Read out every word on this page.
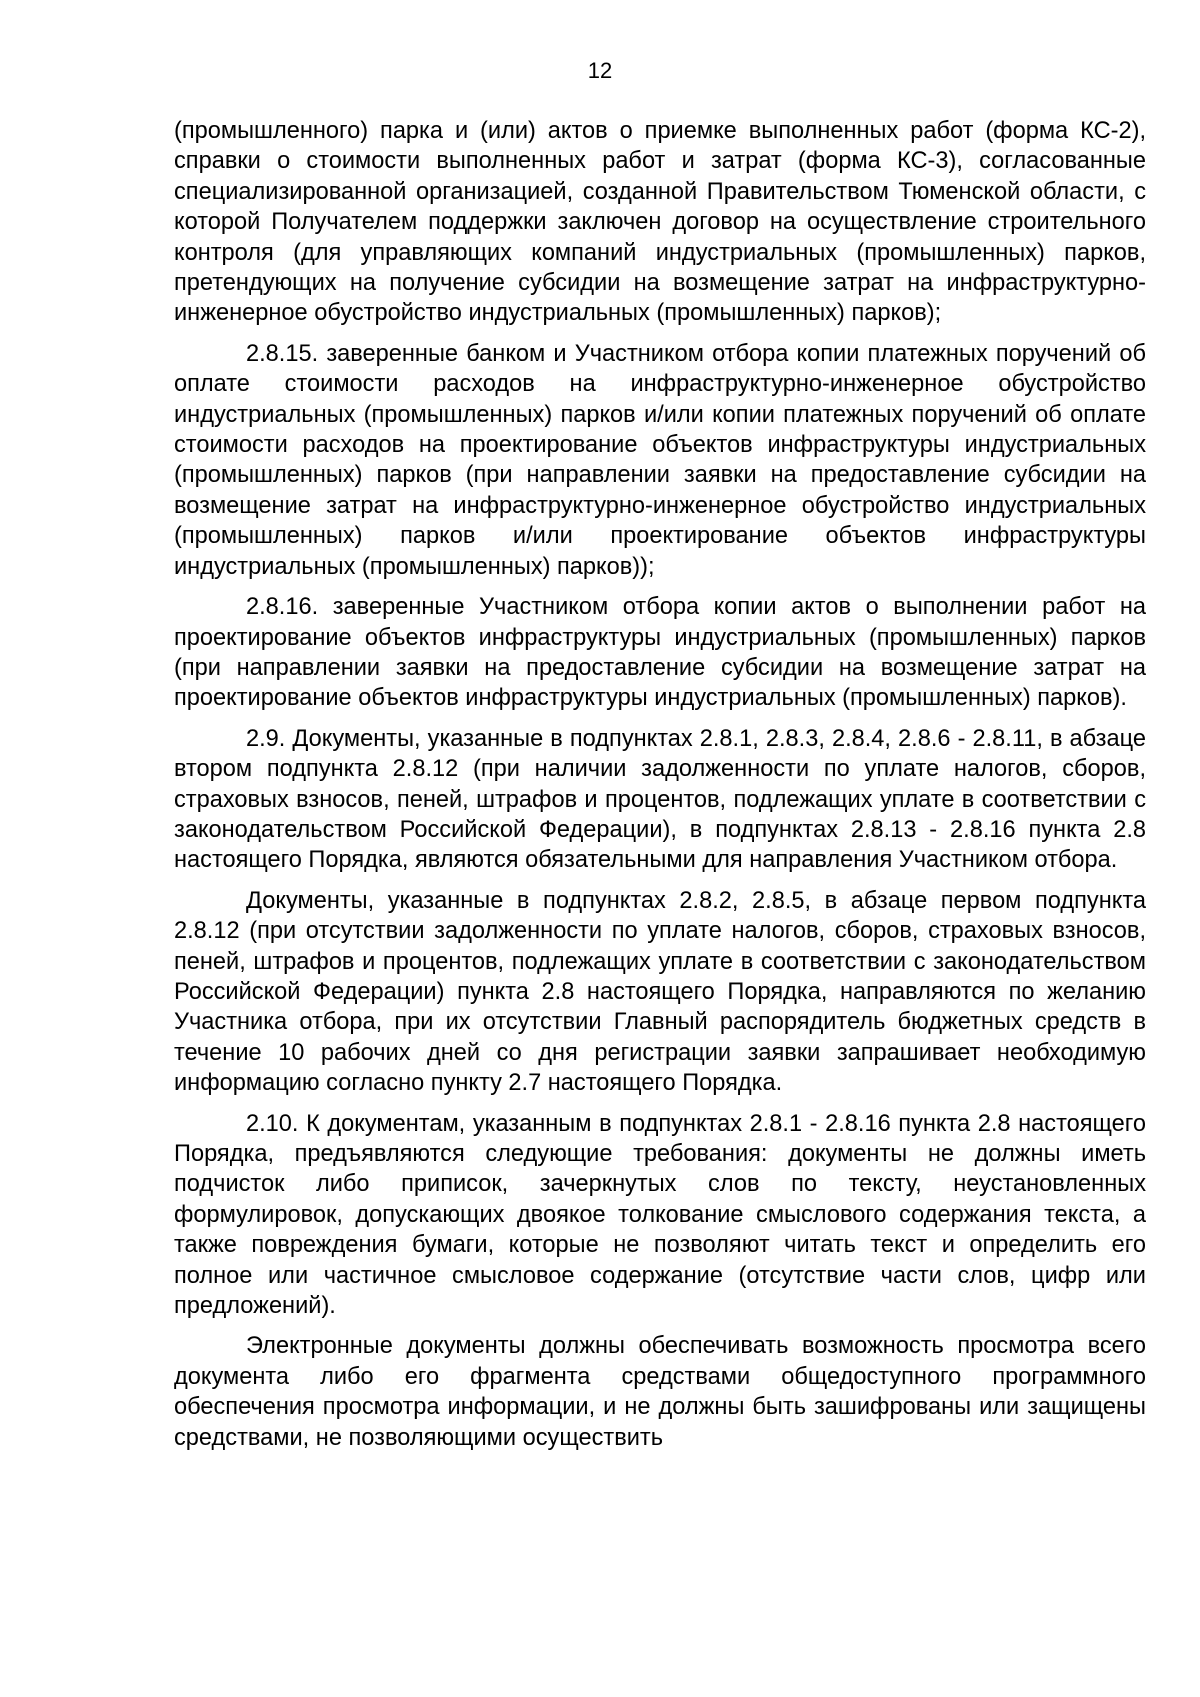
12

(промышленного) парка и (или) актов о приемке выполненных работ (форма КС-2), справки о стоимости выполненных работ и затрат (форма КС-3), согласованные специализированной организацией, созданной Правительством Тюменской области, с которой Получателем поддержки заключен договор на осуществление строительного контроля (для управляющих компаний индустриальных (промышленных) парков, претендующих на получение субсидии на возмещение затрат на инфраструктурно-инженерное обустройство индустриальных (промышленных) парков);

2.8.15. заверенные банком и Участником отбора копии платежных поручений об оплате стоимости расходов на инфраструктурно-инженерное обустройство индустриальных (промышленных) парков и/или копии платежных поручений об оплате стоимости расходов на проектирование объектов инфраструктуры индустриальных (промышленных) парков (при направлении заявки на предоставление субсидии на возмещение затрат на инфраструктурно-инженерное обустройство индустриальных (промышленных) парков и/или проектирование объектов инфраструктуры индустриальных (промышленных) парков));

2.8.16. заверенные Участником отбора копии актов о выполнении работ на проектирование объектов инфраструктуры индустриальных (промышленных) парков (при направлении заявки на предоставление субсидии на возмещение затрат на проектирование объектов инфраструктуры индустриальных (промышленных) парков).

2.9. Документы, указанные в подпунктах 2.8.1, 2.8.3, 2.8.4, 2.8.6 - 2.8.11, в абзаце втором подпункта 2.8.12 (при наличии задолженности по уплате налогов, сборов, страховых взносов, пеней, штрафов и процентов, подлежащих уплате в соответствии с законодательством Российской Федерации), в подпунктах 2.8.13 - 2.8.16 пункта 2.8 настоящего Порядка, являются обязательными для направления Участником отбора.

Документы, указанные в подпунктах 2.8.2, 2.8.5, в абзаце первом подпункта 2.8.12 (при отсутствии задолженности по уплате налогов, сборов, страховых взносов, пеней, штрафов и процентов, подлежащих уплате в соответствии с законодательством Российской Федерации) пункта 2.8 настоящего Порядка, направляются по желанию Участника отбора, при их отсутствии Главный распорядитель бюджетных средств в течение 10 рабочих дней со дня регистрации заявки запрашивает необходимую информацию согласно пункту 2.7 настоящего Порядка.

2.10. К документам, указанным в подпунктах 2.8.1 - 2.8.16 пункта 2.8 настоящего Порядка, предъявляются следующие требования: документы не должны иметь подчисток либо приписок, зачеркнутых слов по тексту, неустановленных формулировок, допускающих двоякое толкование смыслового содержания текста, а также повреждения бумаги, которые не позволяют читать текст и определить его полное или частичное смысловое содержание (отсутствие части слов, цифр или предложений).

Электронные документы должны обеспечивать возможность просмотра всего документа либо его фрагмента средствами общедоступного программного обеспечения просмотра информации, и не должны быть зашифрованы или защищены средствами, не позволяющими осуществить
